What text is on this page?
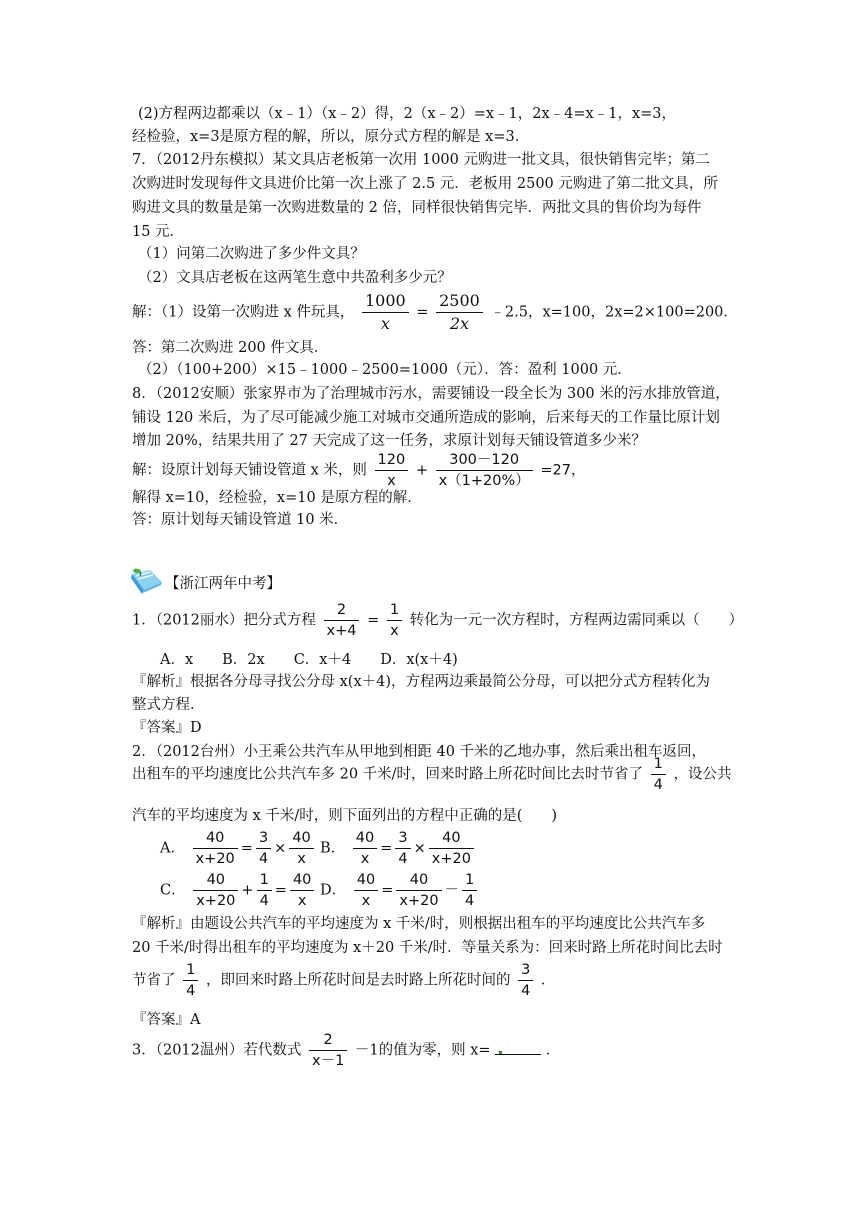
(2)方程两边都乘以（x﹣1）（x﹣2）得，2（x﹣2）=x﹣1，2x﹣4=x﹣1，x=3，
经检验，x=3是原方程的解，所以，原分式方程的解是 x=3．
7．（2012丹东模拟）某文具店老板第一次用 1000 元购进一批文具，很快销售完毕；第二
次购进时发现每件文具进价比第一次上涨了 2.5 元．老板用 2500 元购进了第二批文具，所
购进文具的数量是第一次购进数量的 2 倍，同样很快销售完毕．两批文具的售价均为每件
15 元．
（1）问第二次购进了多少件文具？
（2）文具店老板在这两笔生意中共盈利多少元？
解：（1）设第一次购进 x 件玩具， $\frac{1000}{x} = \frac{2500}{2x}$ ﹣2.5，x=100，2x=2×100=200．
答：第二次购进 200 件文具．
（2）（100+200）×15﹣1000﹣2500=1000（元）．答：盈利 1000 元．
8．（2012安顺）张家界市为了治理城市污水，需要铺设一段全长为 300 米的污水排放管道，
铺设 120 米后，为了尽可能减少施工对城市交通所造成的影响，后来每天的工作量比原计划
增加 20%，结果共用了 27 天完成了这一任务，求原计划每天铺设管道多少米？
解：设原计划每天铺设管道 x 米，则 $\frac{120}{x} + \frac{300-120}{x(1+20\%)} =27$，
解得 x=10，经检验，x=10 是原方程的解．
答：原计划每天铺设管道 10 米．
【浙江两年中考】
1．（2012丽水）把分式方程 $\frac{2}{x+4} = \frac{1}{x}$ 转化为一元一次方程时，方程两边需同乘以（　　）
A．x　　B．2x　　C．x＋4　　D．x(x＋4)
『解析』根据各分母寻找公分母 x(x＋4)，方程两边乘最简公分母，可以把分式方程转化为
整式方程．
『答案』D
2．（2012台州）小王乘公共汽车从甲地到相距 40 千米的乙地办事，然后乘出租车返回，
出租车的平均速度比公共汽车多 20 千米/时，回来时路上所花时间比去时节省了 $\frac{1}{4}$ ，设公共
汽车的平均速度为 x 千米/时，则下面列出的方程中正确的是(　　)
A． $\frac{40}{x+20} = \frac{3}{4} \times \frac{40}{x}$ B． $\frac{40}{x} = \frac{3}{4} \times \frac{40}{x+20}$
C． $\frac{40}{x+20} + \frac{1}{4} = \frac{40}{x}$ D． $\frac{40}{x} = \frac{40}{x+20} - \frac{1}{4}$
『解析』由题设公共汽车的平均速度为 x 千米/时，则根据出租车的平均速度比公共汽车多
20 千米/时得出租车的平均速度为 x＋20 千米/时．等量关系为：回来时路上所花时间比去时
节省了 $\frac{1}{4}$ ，即回来时路上所花时间是去时路上所花时间的 $\frac{3}{4}$ ．
『答案』A
3．（2012温州）若代数式 $\frac{2}{x-1} -1$的值为零，则 x=	．
